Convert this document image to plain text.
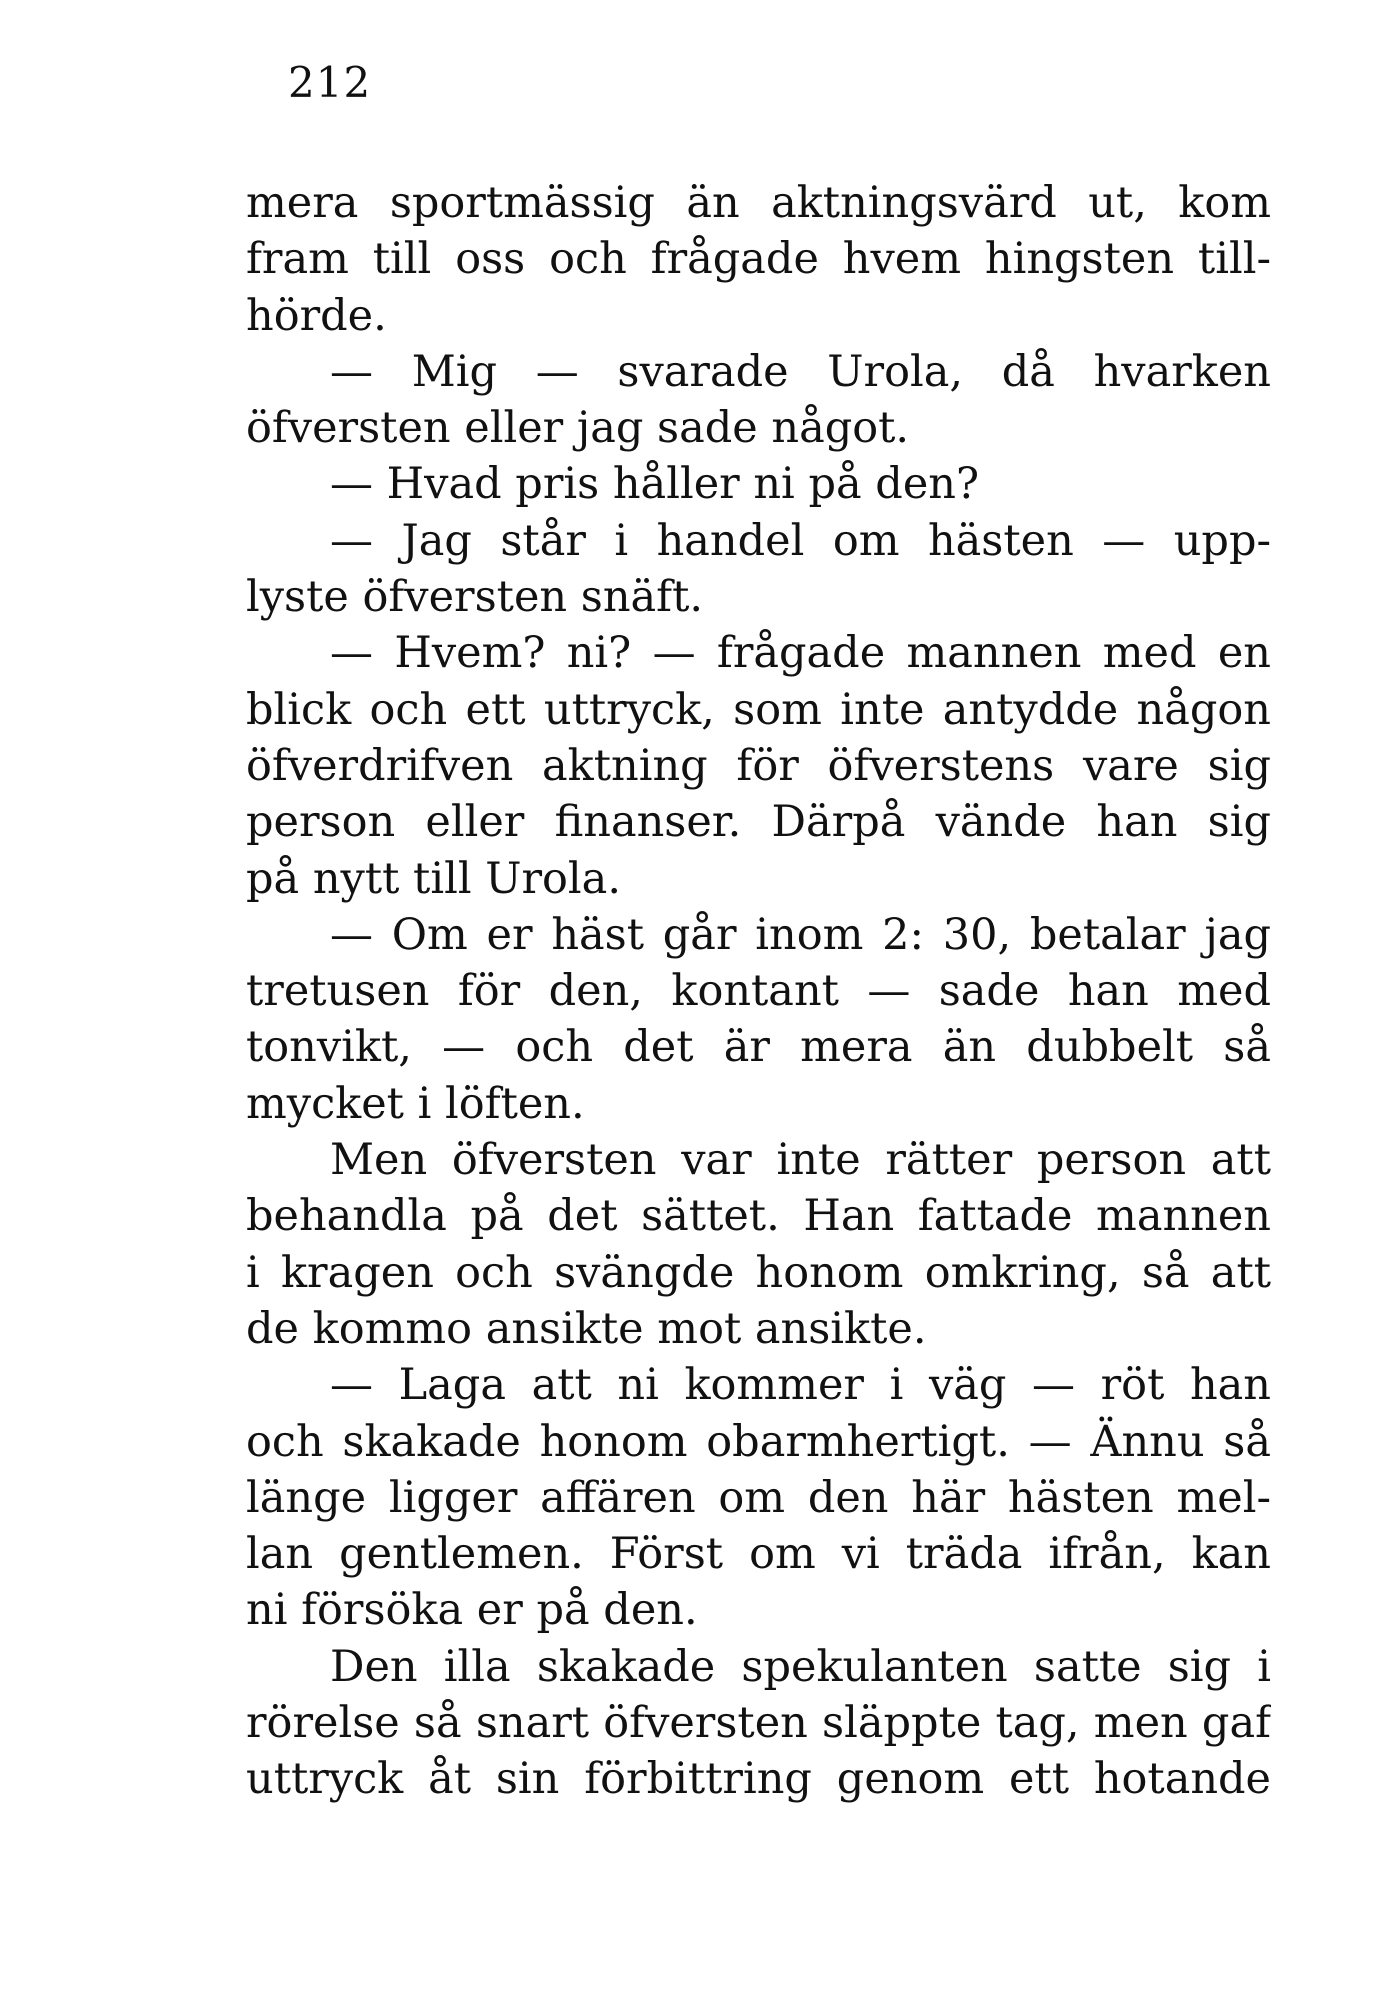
212
mera sportmässig än aktningsvärd ut, kom
fram till oss och frågade hvem hingsten till-
hörde.
— Mig — svarade Urola, då hvarken
öfversten eller jag sade något.
— Hvad pris håller ni på den?
— Jag står i handel om hästen — upp-
lyste öfversten snäft.
— Hvem? ni? — frågade mannen med en
blick och ett uttryck, som inte antydde någon
öfverdrifven aktning för öfverstens vare sig
person eller finanser. Därpå vände han sig
på nytt till Urola.
— Om er häst går inom 2: 30, betalar jag
tretusen för den, kontant — sade han med
tonvikt, — och det är mera än dubbelt så
mycket i löften.
Men öfversten var inte rätter person att
behandla på det sättet. Han fattade mannen
i kragen och svängde honom omkring, så att
de kommo ansikte mot ansikte.
— Laga att ni kommer i väg — röt han
och skakade honom obarmhertigt. — Ännu så
länge ligger affären om den här hästen mel-
lan gentlemen. Först om vi träda ifrån, kan
ni försöka er på den.
Den illa skakade spekulanten satte sig i
rörelse så snart öfversten släppte tag, men gaf
uttryck åt sin förbittring genom ett hotande
